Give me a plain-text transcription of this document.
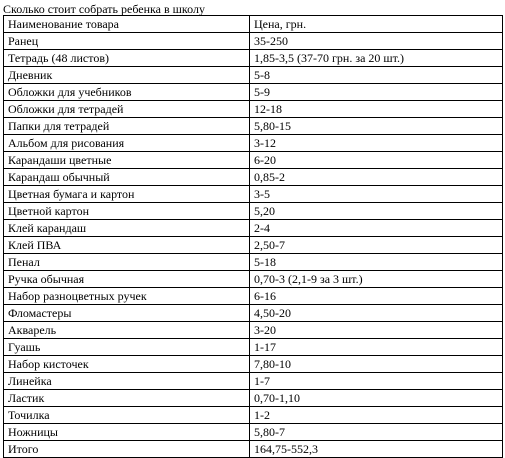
Сколько стоит собрать ребенка в школу
Наименование товара	Цена, грн.
Ранец	35-250
Тетрадь (48 листов)	1,85-3,5 (37-70 грн. за 20 шт.)
Дневник	5-8
Обложки для учебников	5-9
Обложки для тетрадей	12-18
Папки для тетрадей	5,80-15
Альбом для рисования	3-12
Карандаши цветные	6-20
Карандаш обычный	0,85-2
Цветная бумага и картон	3-5
Цветной картон	5,20
Клей карандаш	2-4
Клей ПВА	2,50-7
Пенал	5-18
Ручка обычная	0,70-3 (2,1-9 за 3 шт.)
Набор разноцветных ручек	6-16
Фломастеры	4,50-20
Акварель	3-20
Гуашь	1-17
Набор кисточек	7,80-10
Линейка	1-7
Ластик	0,70-1,10
Точилка	1-2
Ножницы	5,80-7
Итого	164,75-552,3
